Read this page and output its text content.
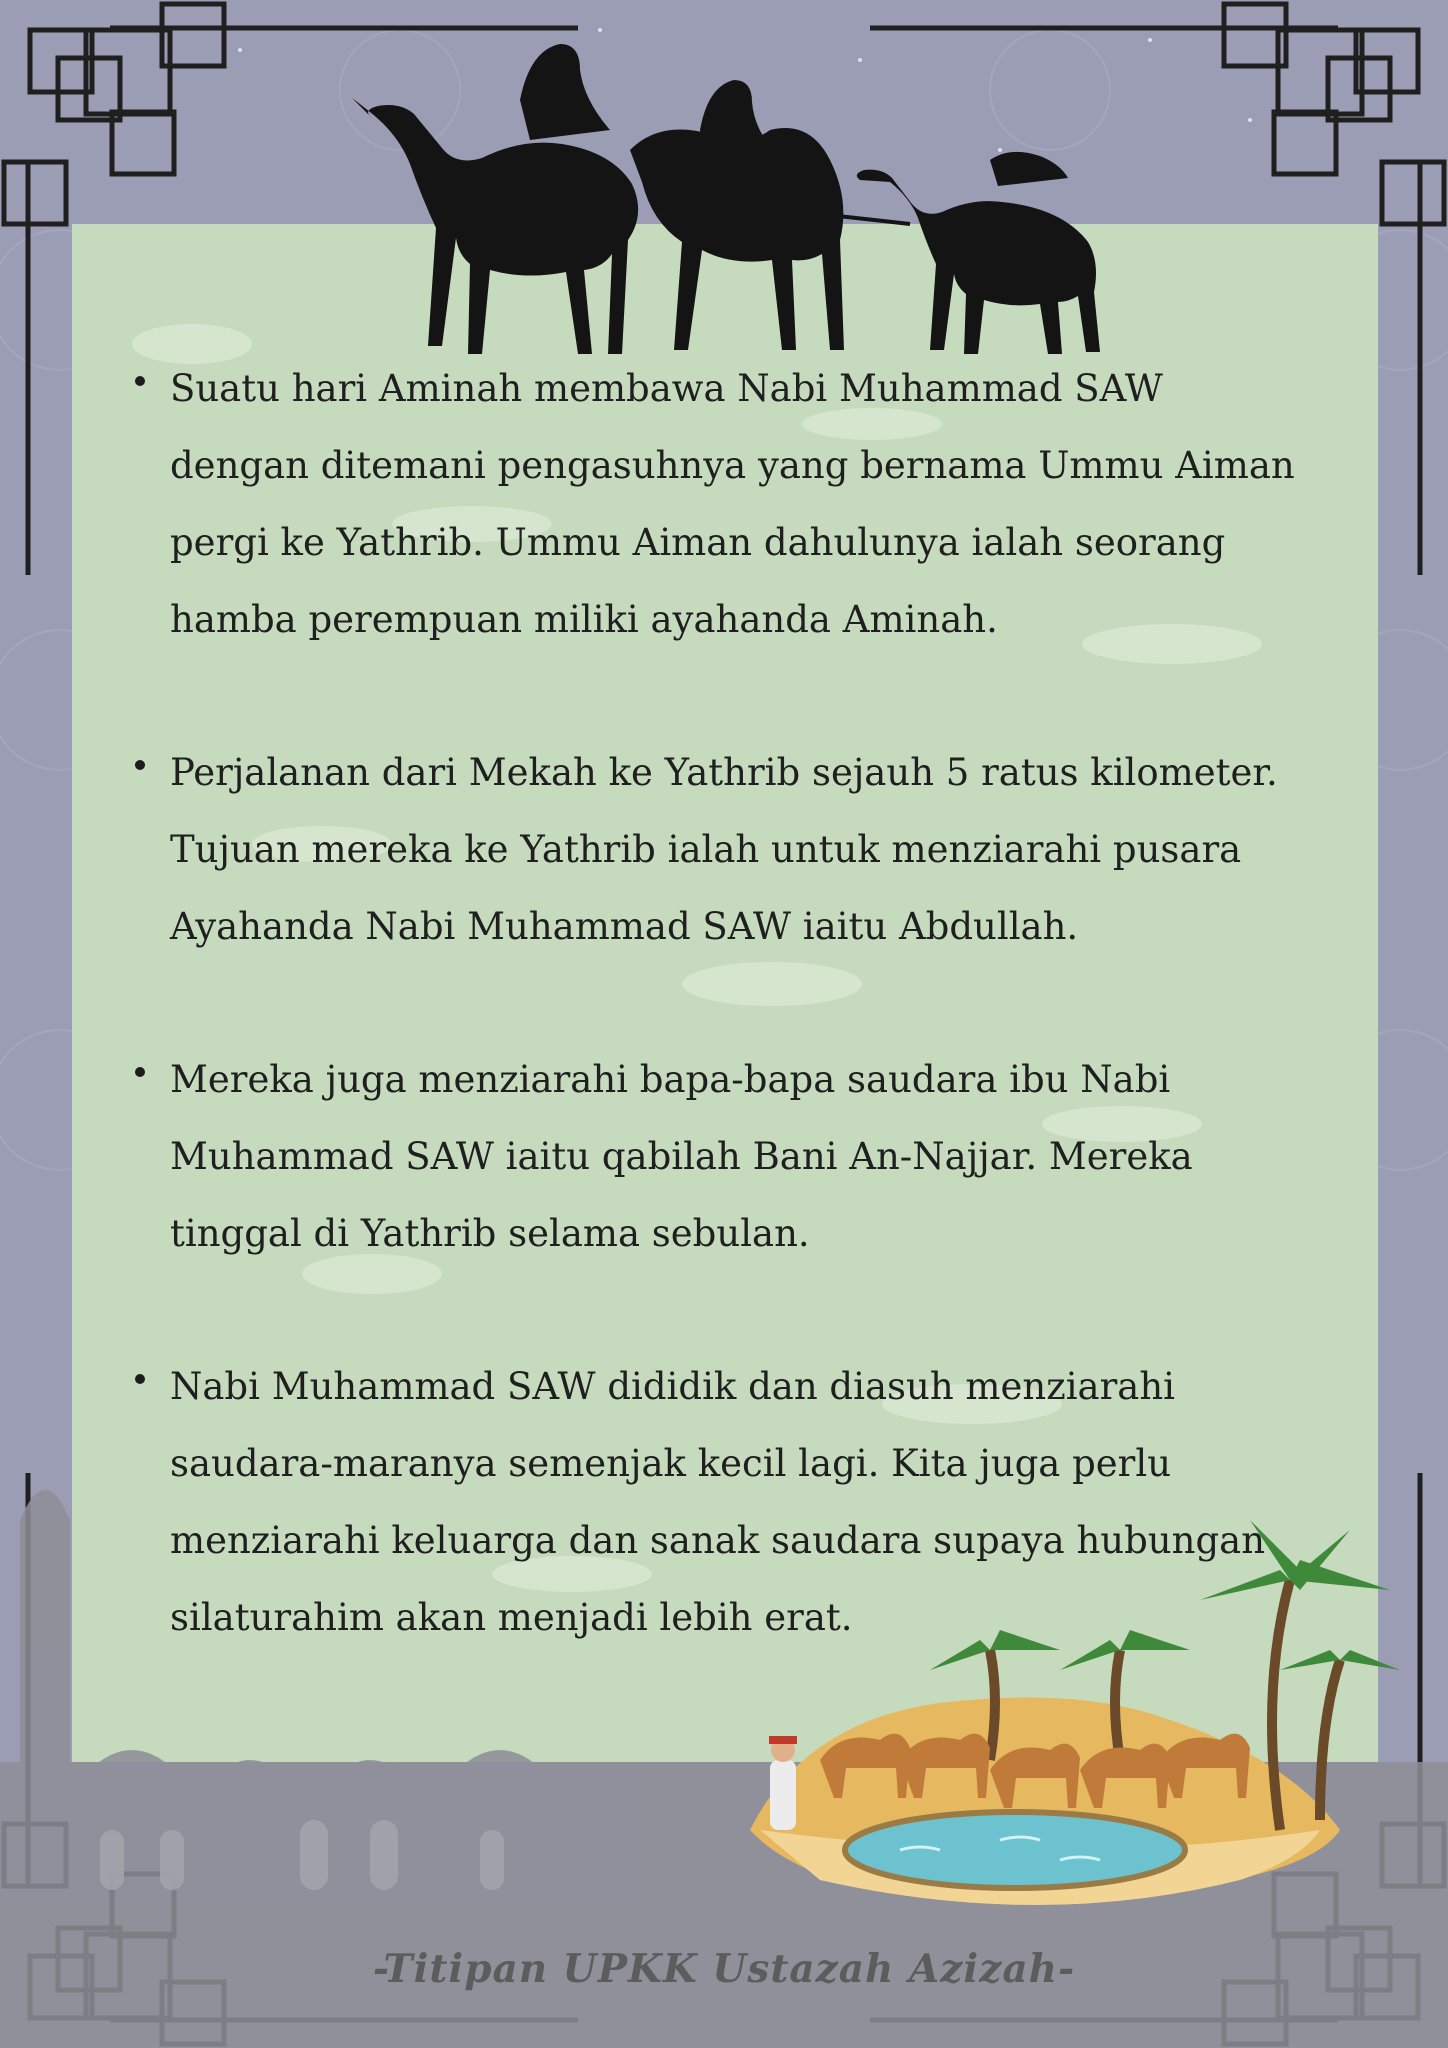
Suatu hari Aminah membawa Nabi Muhammad SAW
dengan ditemani pengasuhnya yang bernama Ummu Aiman
pergi ke Yathrib. Ummu Aiman dahulunya ialah seorang
hamba perempuan miliki ayahanda Aminah.
Perjalanan dari Mekah ke Yathrib sejauh 5 ratus kilometer.
Tujuan mereka ke Yathrib ialah untuk menziarahi pusara
Ayahanda Nabi Muhammad SAW iaitu Abdullah.
Mereka juga menziarahi bapa-bapa saudara ibu Nabi
Muhammad SAW iaitu qabilah Bani An-Najjar. Mereka
tinggal di Yathrib selama sebulan.
Nabi Muhammad SAW dididik dan diasuh menziarahi
saudara-maranya semenjak kecil lagi. Kita juga perlu
menziarahi keluarga dan sanak saudara supaya hubungan
silaturahim akan menjadi lebih erat.
-Titipan UPKK Ustazah Azizah-
